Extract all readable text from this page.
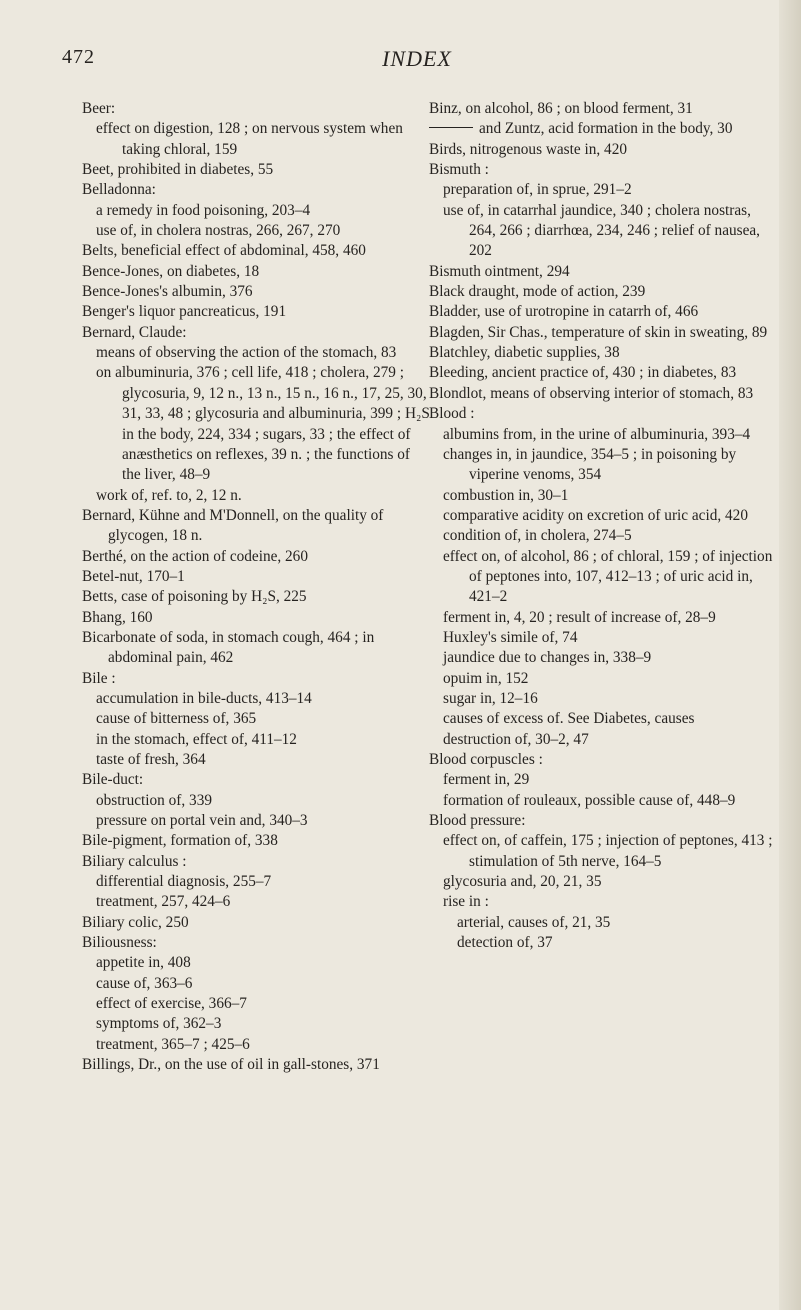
472	INDEX
Beer:
effect on digestion, 128 ; on nervous system when taking chloral, 159
Beet, prohibited in diabetes, 55
Belladonna:
a remedy in food poisoning, 203–4
use of, in cholera nostras, 266, 267, 270
Belts, beneficial effect of abdominal, 458, 460
Bence-Jones, on diabetes, 18
Bence-Jones's albumin, 376
Benger's liquor pancreaticus, 191
Bernard, Claude:
means of observing the action of the stomach, 83
on albuminuria, 376 ; cell life, 418 ; cholera, 279 ; glycosuria, 9, 12 n., 13 n., 15 n., 16 n., 17, 25, 30, 31, 33, 48 ; glycosuria and albuminuria, 399 ; H₂S in the body, 224, 334 ; sugars, 33 ; the effect of anæsthetics on reflexes, 39 n. ; the functions of the liver, 48–9
work of, ref. to, 2, 12 n.
Bernard, Kühne and M'Donnell, on the quality of glycogen, 18 n.
Berthé, on the action of codeine, 260
Betel-nut, 170–1
Betts, case of poisoning by H₂S, 225
Bhang, 160
Bicarbonate of soda, in stomach cough, 464 ; in abdominal pain, 462
Bile :
accumulation in bile-ducts, 413–14
cause of bitterness of, 365
in the stomach, effect of, 411–12
taste of fresh, 364
Bile-duct:
obstruction of, 339
pressure on portal vein and, 340–3
Bile-pigment, formation of, 338
Biliary calculus :
differential diagnosis, 255–7
treatment, 257, 424–6
Biliary colic, 250
Biliousness:
appetite in, 408
cause of, 363–6
effect of exercise, 366–7
symptoms of, 362–3
treatment, 365–7 ; 425–6
Billings, Dr., on the use of oil in gall-stones, 371
Binz, on alcohol, 86 ; on blood ferment, 31
and Zuntz, acid formation in the body, 30
Birds, nitrogenous waste in, 420
Bismuth :
preparation of, in sprue, 291–2
use of, in catarrhal jaundice, 340 ; cholera nostras, 264, 266 ; diarrhœa, 234, 246 ; relief of nausea, 202
Bismuth ointment, 294
Black draught, mode of action, 239
Bladder, use of urotropine in catarrh of, 466
Blagden, Sir Chas., temperature of skin in sweating, 89
Blatchley, diabetic supplies, 38
Bleeding, ancient practice of, 430 ; in diabetes, 83
Blondlot, means of observing interior of stomach, 83
Blood :
albumins from, in the urine of albuminuria, 393–4
changes in, in jaundice, 354–5 ; in poisoning by viperine venoms, 354
combustion in, 30–1
comparative acidity on excretion of uric acid, 420
condition of, in cholera, 274–5
effect on, of alcohol, 86 ; of chloral, 159 ; of injection of peptones into, 107, 412–13 ; of uric acid in, 421–2
ferment in, 4, 20 ; result of increase of, 28–9
Huxley's simile of, 74
jaundice due to changes in, 338–9
opuim in, 152
sugar in, 12–16
causes of excess of. See Diabetes, causes
destruction of, 30–2, 47
Blood corpuscles :
ferment in, 29
formation of rouleaux, possible cause of, 448–9
Blood pressure:
effect on, of caffein, 175 ; injection of peptones, 413 ; stimulation of 5th nerve, 164–5
glycosuria and, 20, 21, 35
rise in :
arterial, causes of, 21, 35
detection of, 37
